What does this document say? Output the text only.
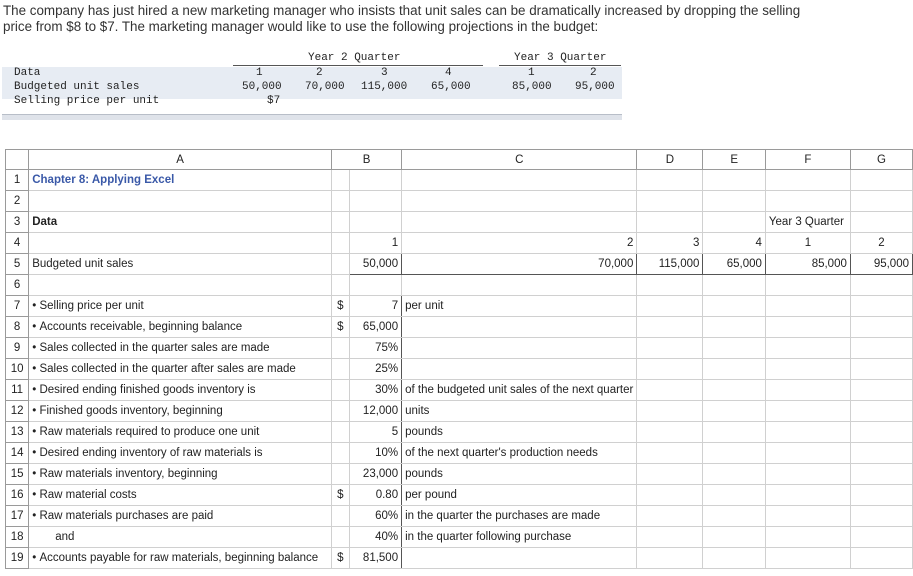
The company has just hired a new marketing manager who insists that unit sales can be dramatically increased by dropping the selling

price from $8 to $7. The marketing manager would like to use the following projections in the budget:

Year 2 Quarter	Year 3 Quarter
Data	1	2	3	4	1	2
Budgeted unit sales	50,000 70,000 115,000 65,000	85,000 95,000
Selling price per unit	$7
	A	B		C	D	E	F	G
1	Chapter 8: Applying Excel							
2								
3	Data						Year 3 Quarter	
4			1	2	3	4	1	2
5	Budgeted unit sales		50,000	70,000	115,000	65,000	85,000	95,000
6								
7	• Selling price per unit	$	7	per unit				
8	• Accounts receivable, beginning balance	$	65,000					
9	• Sales collected in the quarter sales are made		75%					
10	• Sales collected in the quarter after sales are made		25%					
11	• Desired ending finished goods inventory is		30%	of the budgeted unit sales of the next quarter				
12	• Finished goods inventory, beginning		12,000	units				
13	• Raw materials required to produce one unit		5	pounds				
14	• Desired ending inventory of raw materials is		10%	of the next quarter's production needs				
15	• Raw materials inventory, beginning		23,000	pounds				
16	• Raw material costs	$	0.80	per pound				
17	• Raw materials purchases are paid		60%	in the quarter the purchases are made				
18	and		40%	in the quarter following purchase				
19	• Accounts payable for raw materials, beginning balance	$	81,500					
